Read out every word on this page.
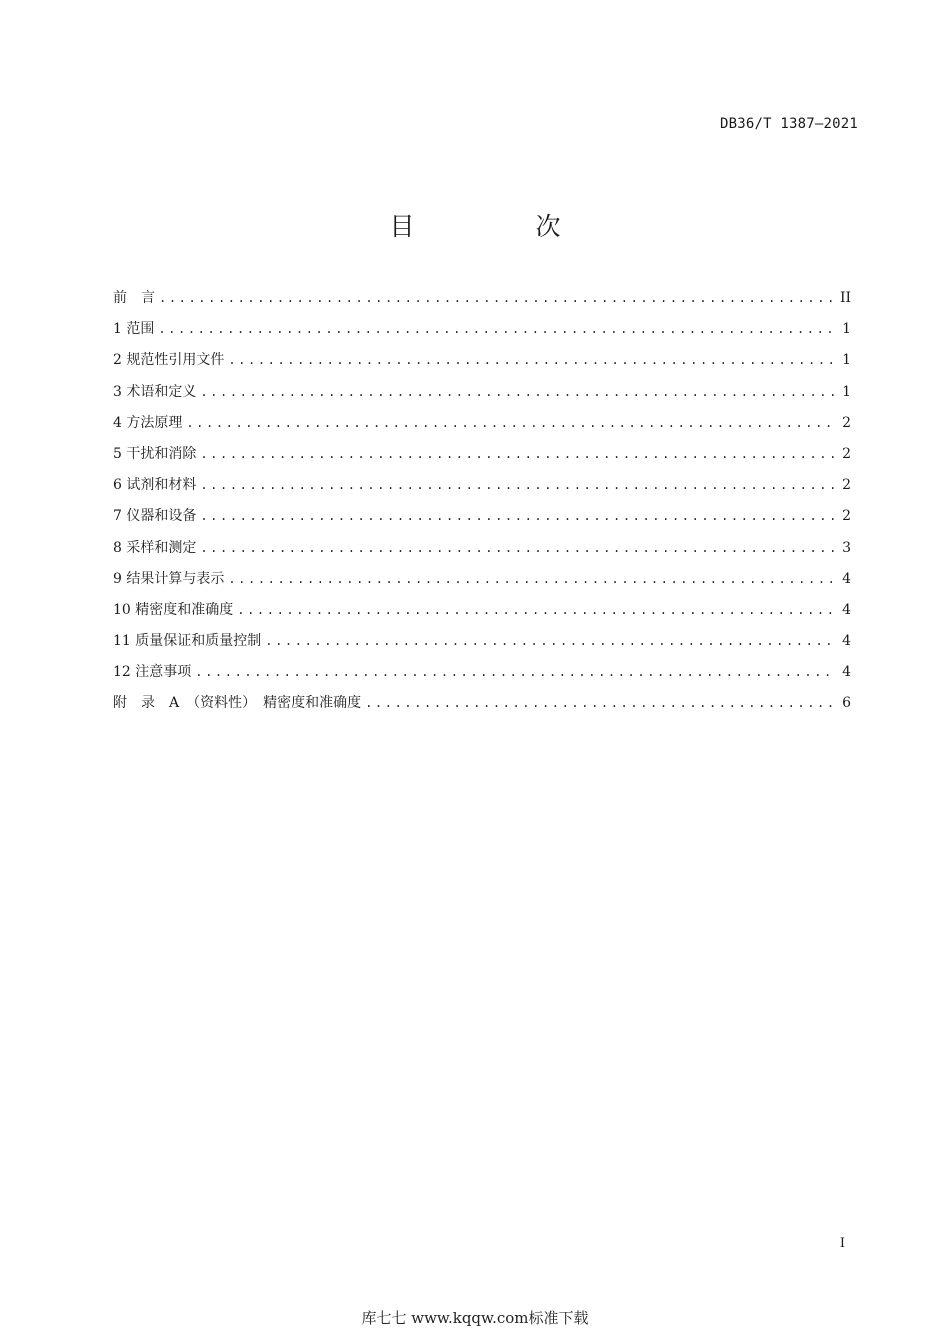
DB36/T 1387—2021
目　次
前　言 .....	II
1 范围 .....	1
2 规范性引用文件 .....	1
3 术语和定义 .....	1
4 方法原理 .....	2
5 干扰和消除 .....	2
6 试剂和材料 .....	2
7 仪器和设备 .....	2
8 采样和测定 .....	3
9 结果计算与表示 .....	4
10 精密度和准确度 .....	4
11 质量保证和质量控制 .....	4
12 注意事项 .....	4
附　录　A　（资料性）　精密度和准确度 .....	6
I
库七七 www.kqqw.com标准下载
